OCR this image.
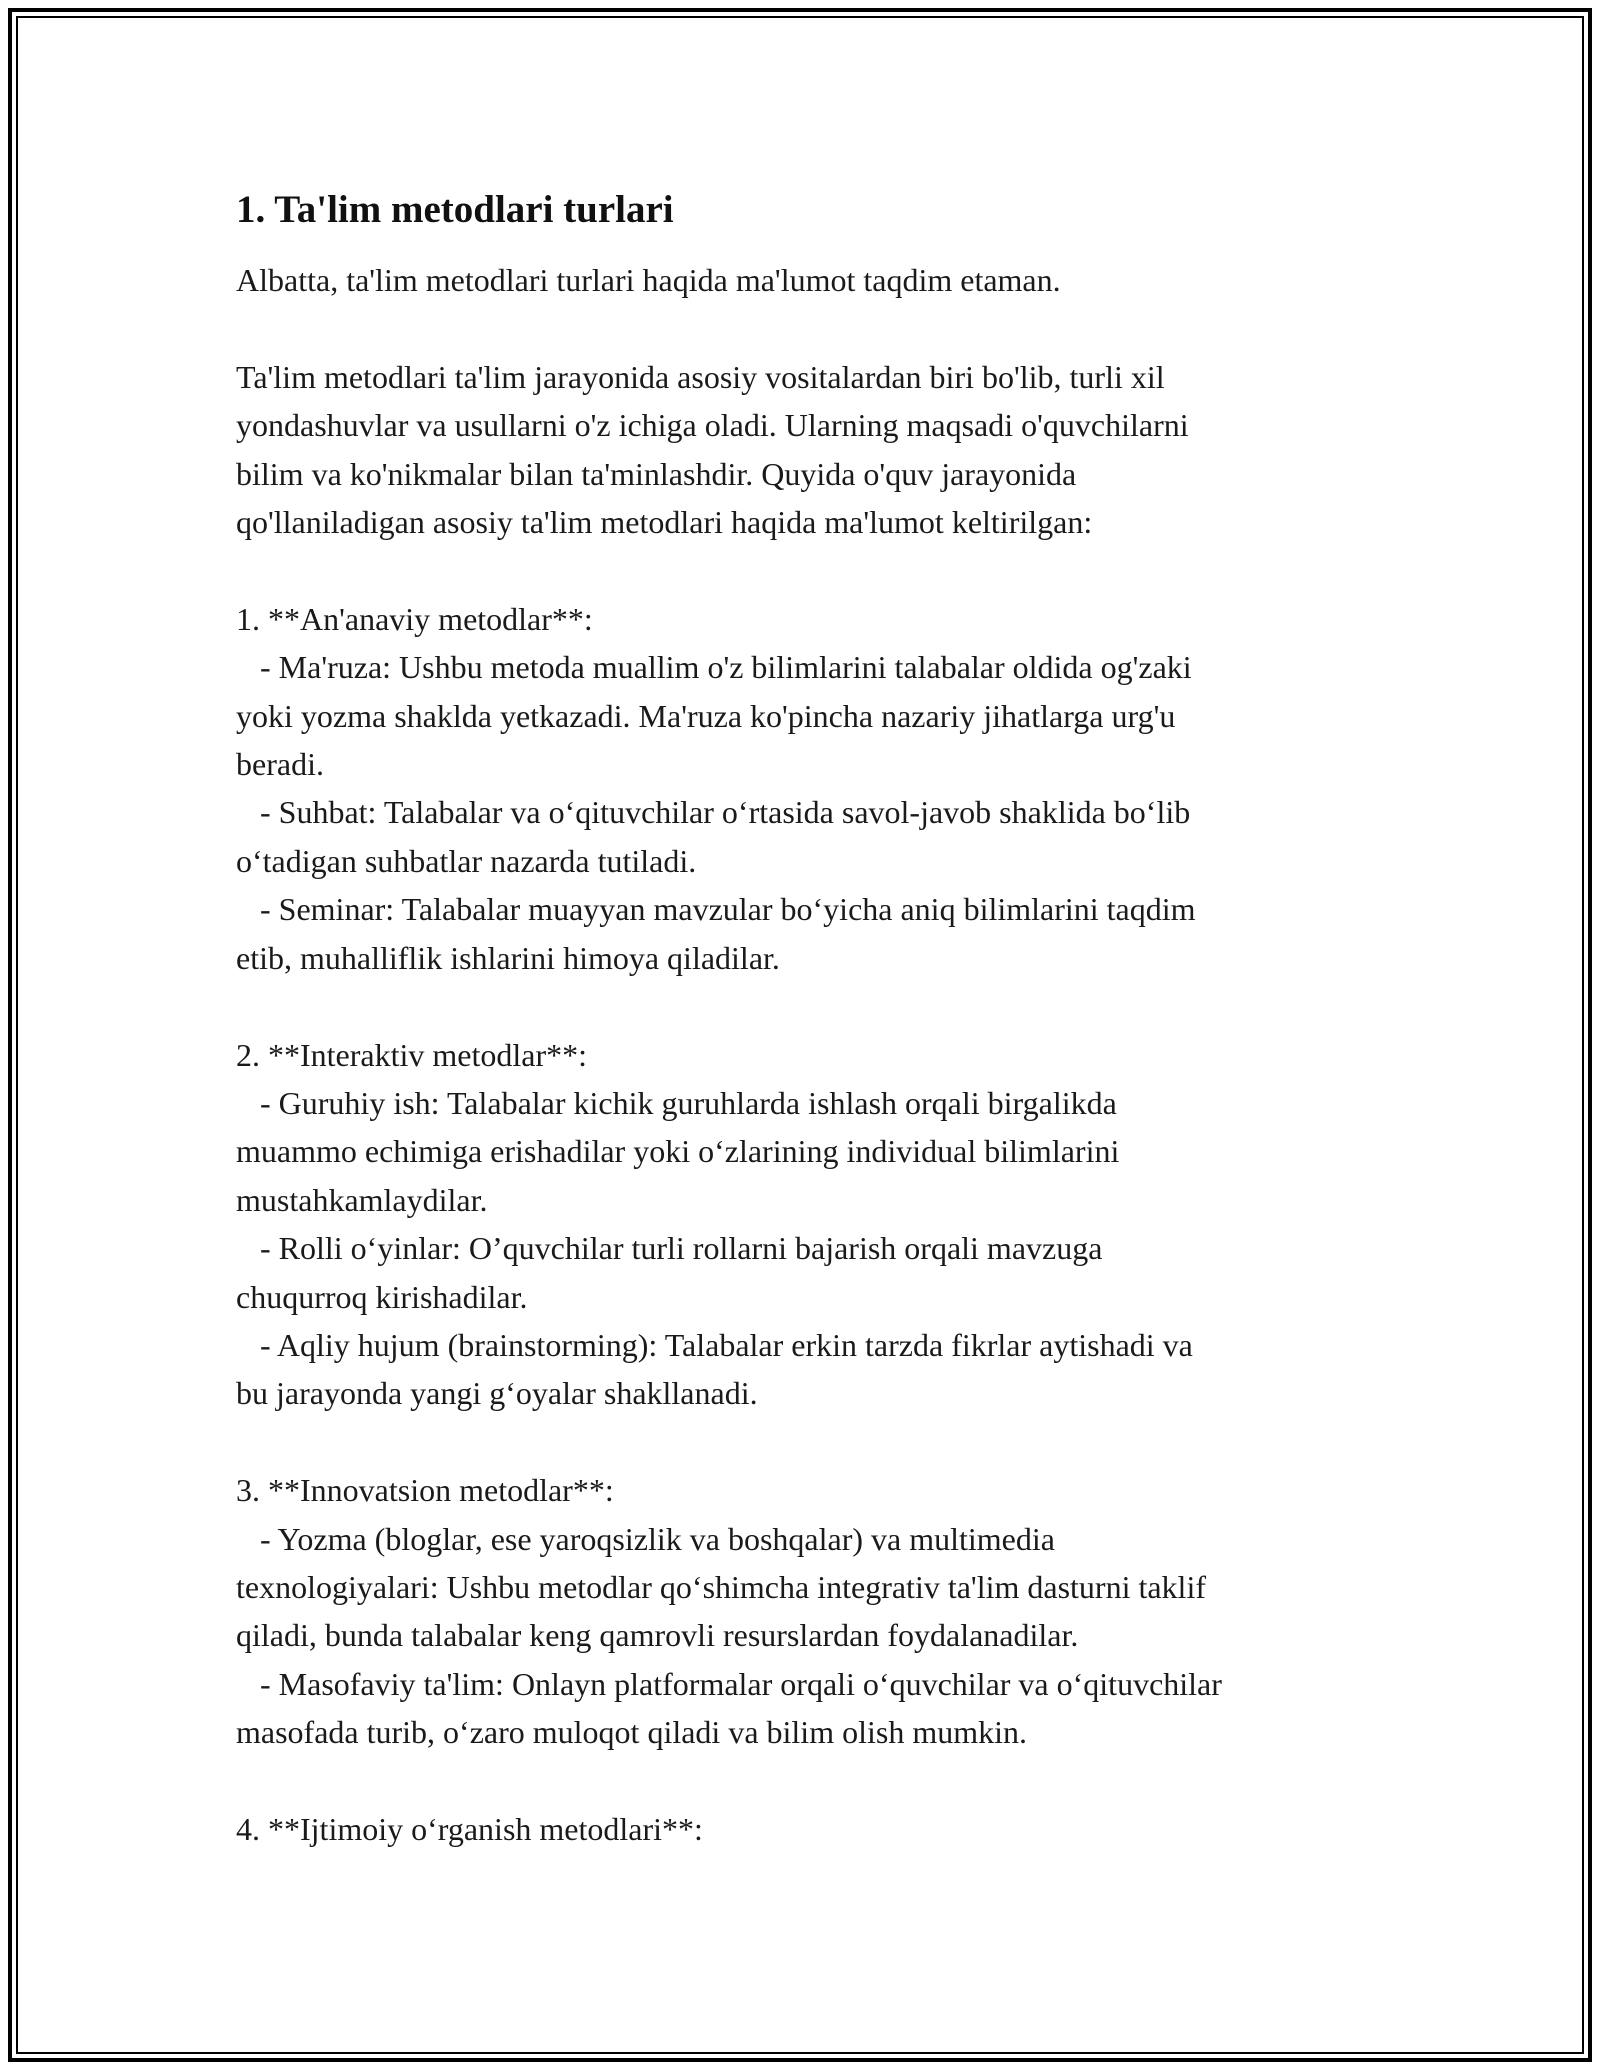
1. Ta'lim metodlari turlari

Albatta, ta'lim metodlari turlari haqida ma'lumot taqdim etaman.

Ta'lim metodlari ta'lim jarayonida asosiy vositalardan biri bo'lib, turli xil
yondashuvlar va usullarni o'z ichiga oladi. Ularning maqsadi o'quvchilarni
bilim va ko'nikmalar bilan ta'minlashdir. Quyida o'quv jarayonida
qo'llaniladigan asosiy ta'lim metodlari haqida ma'lumot keltirilgan:

1. **An'anaviy metodlar**:
- Ma'ruza: Ushbu metoda muallim o'z bilimlarini talabalar oldida og'zaki
yoki yozma shakldа yetkazadi. Ma'ruza ko'pincha nazariy jihatlarga urg'u
beradi.
- Suhbat: Talabalar va o‘qituvchilar o‘rtasida savol-javob shaklida bo‘lib
o‘tadigan suhbatlar nazarda tutiladi.
- Seminar: Talabalar muayyan mavzular bo‘yicha aniq bilimlarini taqdim
etib, muhalliflik ishlarini himoya qiladilar.

2. **Interaktiv metodlar**:
- Guruhiy ish: Talabalar kichik guruhlarda ishlash orqali birgalikda
muammo echimiga erishadilar yoki o‘zlarining individual bilimlarini
mustahkamlaydilar.
- Rolli o‘yinlar: O’quvchilar turli rollarni bajarish orqali mavzuga
chuqurroq kirishadilar.
- Aqliy hujum (brainstorming): Talabalar erkin tarzda fikrlar aytishadi va
bu jarayonda yangi g‘oyalar shakllanadi.

3. **Innovatsion metodlar**:
- Yozma (bloglar, ese yaroqsizlik va boshqalar) va multimedia
texnologiyalari: Ushbu metodlar qo‘shimcha integrativ ta'lim dasturni taklif
qiladi, bunda talabalar keng qamrovli resurslardan foydalanadilar.
- Masofaviy ta'lim: Onlayn platformalar orqali o‘quvchilar va o‘qituvchilar
masofada turib, o‘zaro muloqot qiladi va bilim olish mumkin.

4. **Ijtimoiy o‘rganish metodlari**:
